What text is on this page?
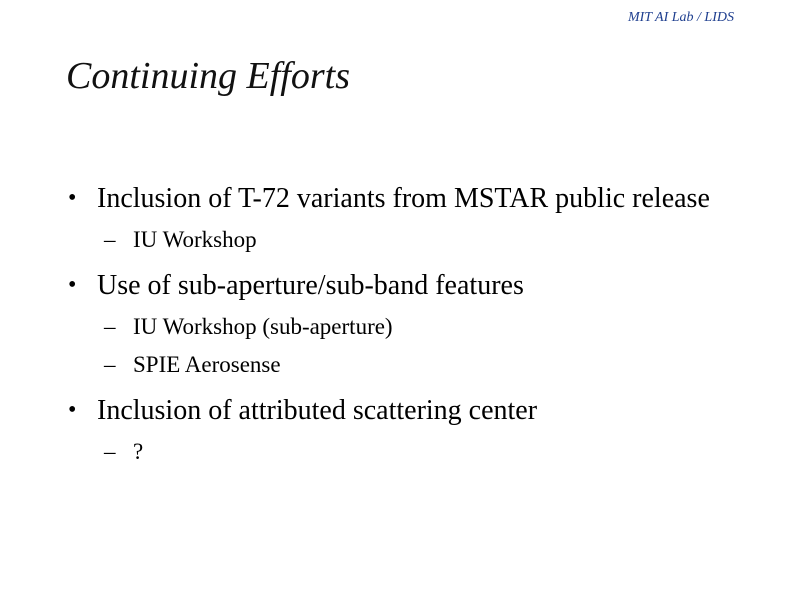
MIT AI Lab / LIDS
Continuing Efforts
• Inclusion of T-72 variants from MSTAR public release
– IU Workshop
• Use of sub-aperture/sub-band features
– IU Workshop (sub-aperture)
– SPIE Aerosense
• Inclusion of attributed scattering center
– ?
